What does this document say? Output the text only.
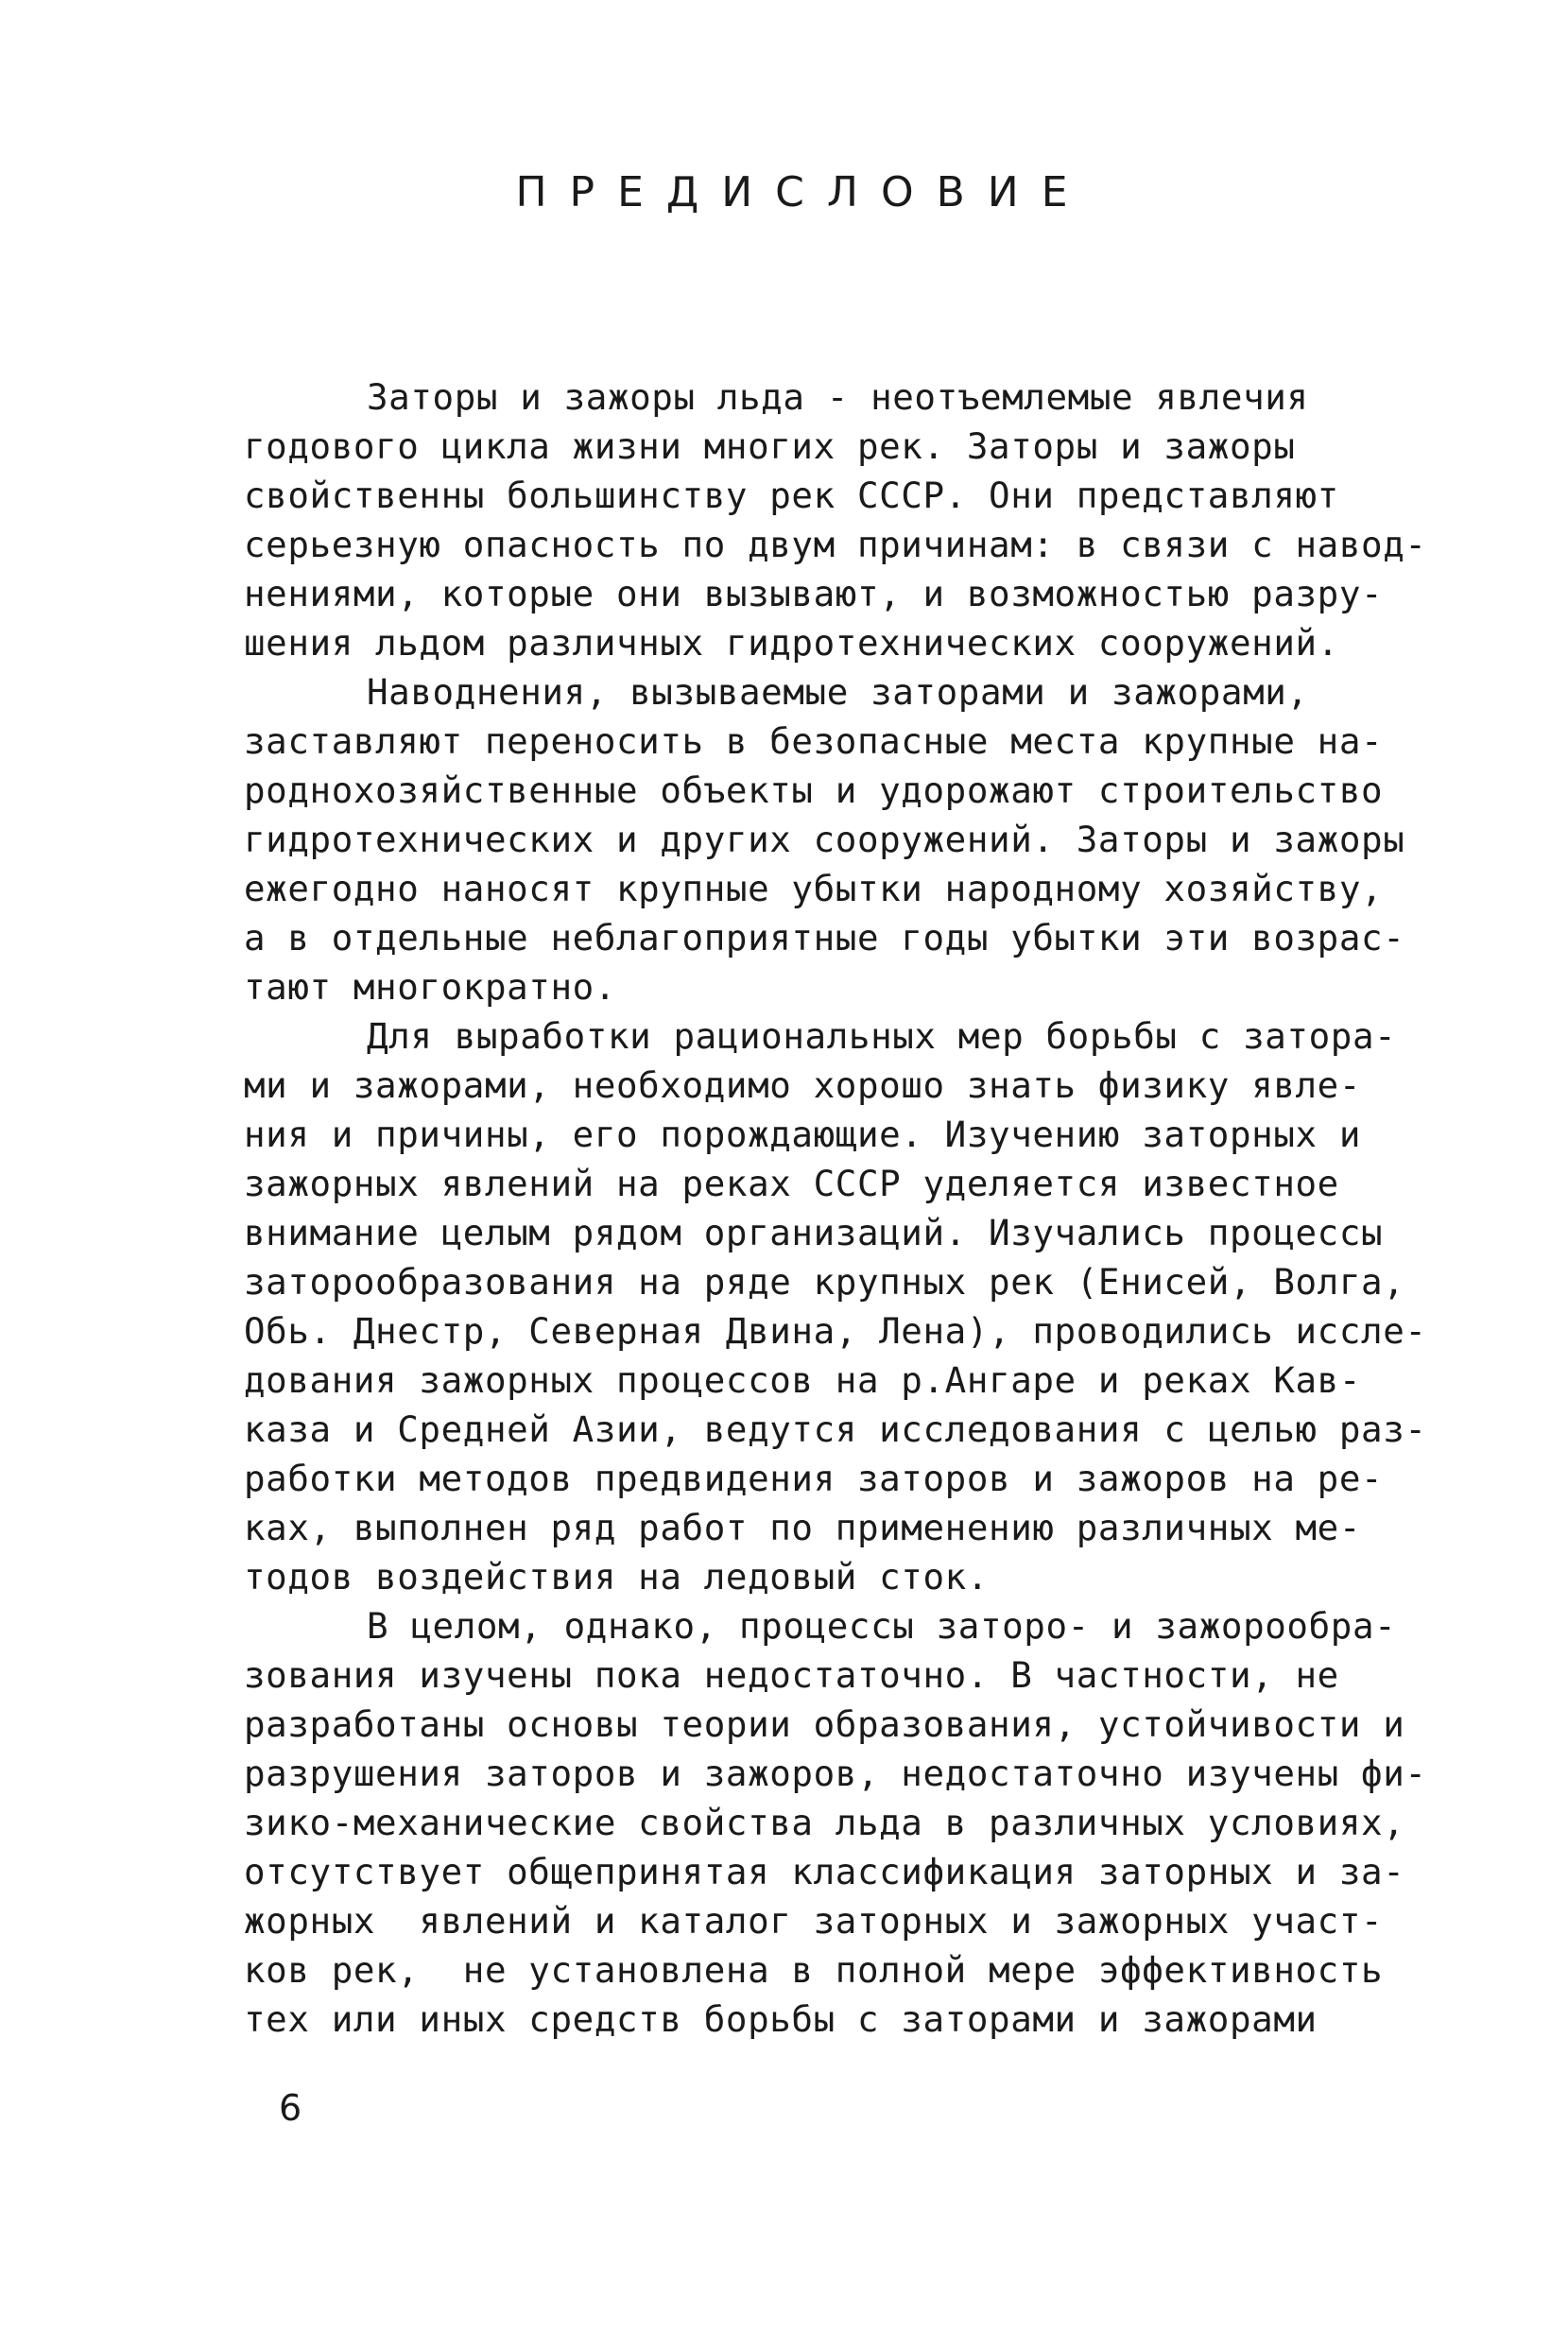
ПРЕДИСЛОВИЕ
Заторы и зажоры льда - неотъемлемые явлечия
годового цикла жизни многих рек. Заторы и зажоры
свойственны большинству рек СССР. Они представляют
серьезную опасность по двум причинам: в связи с навод-
нениями, которые они вызывают, и возможностью разру-
шения льдом различных гидротехнических сооружений.
Наводнения, вызываемые заторами и зажорами,
заставляют переносить в безопасные места крупные на-
роднохозяйственные объекты и удорожают строительство
гидротехнических и других сооружений. Заторы и зажоры
ежегодно наносят крупные убытки народному хозяйству,
а в отдельные неблагоприятные годы убытки эти возрас-
тают многократно.
Для выработки рациональных мер борьбы с затора-
ми и зажорами, необходимо хорошо знать физику явле-
ния и причины, его порождающие. Изучению заторных и
зажорных явлений на реках СССР уделяется известное
внимание целым рядом организаций. Изучались процессы
заторообразования на ряде крупных рек (Енисей, Волга,
Обь. Днестр, Северная Двина, Лена), проводились иссле-
дования зажорных процессов на р.Ангаре и реках Кав-
каза и Средней Азии, ведутся исследования с целью раз-
работки методов предвидения заторов и зажоров на ре-
ках, выполнен ряд работ по применению различных ме-
тодов воздействия на ледовый сток.
В целом, однако, процессы заторо- и зажорообра-
зования изучены пока недостаточно. В частности, не
разработаны основы теории образования, устойчивости и
разрушения заторов и зажоров, недостаточно изучены фи-
зико-механические свойства льда в различных условиях,
отсутствует общепринятая классификация заторных и за-
жорных  явлений и каталог заторных и зажорных участ-
ков рек,  не установлена в полной мере эффективность
тех или иных средств борьбы с заторами и зажорами
6
